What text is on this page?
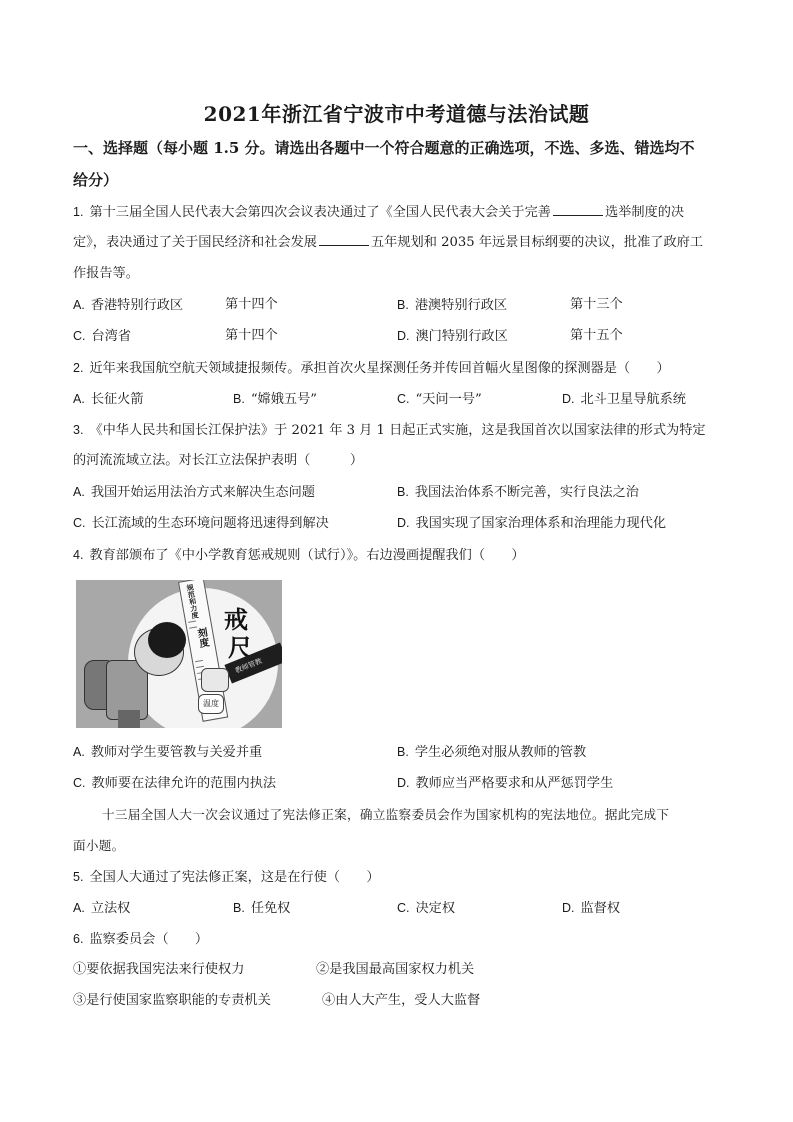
2021年浙江省宁波市中考道德与法治试题
一、选择题（每小题 1.5 分。请选出各题中一个符合题意的正确选项，不选、多选、错选均不
给分）
1. 第十三届全国人民代表大会第四次会议表决通过了《全国人民代表大会关于完善	选举制度的决
定》，表决通过了关于国民经济和社会发展	五年规划和 2035 年远景目标纲要的决议，批准了政府工
作报告等。
A. 香港特别行政区	第十四个	B. 港澳特别行政区	第十三个
C. 台湾省	第十四个	D. 澳门特别行政区	第十五个
2. 近年来我国航空航天领域捷报频传。承担首次火星探测任务并传回首幅火星图像的探测器是（　　）
A. 长征火箭	B. “嫦娥五号”	C. “天问一号”	D. 北斗卫星导航系统
3. 《中华人民共和国长江保护法》于 2021 年 3 月 1 日起正式实施，这是我国首次以国家法律的形式为特定
的河流流域立法。对长江立法保护表明（　　　）
A. 我国开始运用法治方式来解决生态问题	B. 我国法治体系不断完善，实行良法之治
C. 长江流域的生态环境问题将迅速得到解决	D. 我国实现了国家治理体系和治理能力现代化
4. 教育部颁布了《中小学教育惩戒规则（试行）》。右边漫画提醒我们（　　）
规范和力度
刻度
戒
尺
教师管教
温度
A. 教师对学生要管教与关爱并重	B. 学生必须绝对服从教师的管教
C. 教师要在法律允许的范围内执法	D. 教师应当严格要求和从严惩罚学生
十三届全国人大一次会议通过了宪法修正案，确立监察委员会作为国家机构的宪法地位。据此完成下
面小题。
5. 全国人大通过了宪法修正案，这是在行使（　　）
A. 立法权	B. 任免权	C. 决定权	D. 监督权
6. 监察委员会（　　）
①要依据我国宪法来行使权力	②是我国最高国家权力机关
③是行使国家监察职能的专责机关	④由人大产生，受人大监督
